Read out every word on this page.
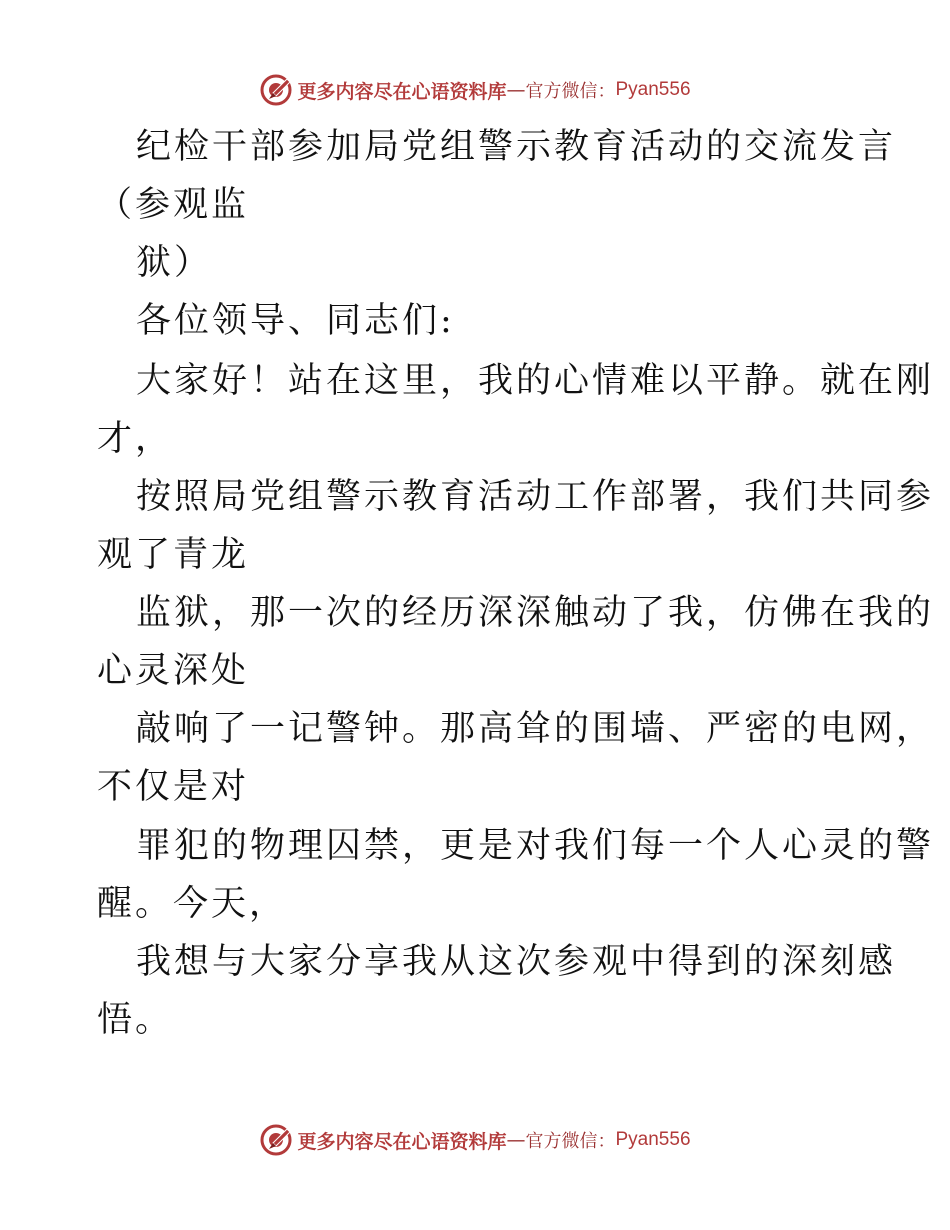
更多内容尽在心语资料库 — 官方微信： Pyan556
纪检干部参加局党组警示教育活动的交流发言
（参观监
狱）
各位领导、同志们:
大家好！站在这里，我的心情难以平静。就在刚
才，
按照局党组警示教育活动工作部署，我们共同参
观了青龙
监狱，那一次的经历深深触动了我，仿佛在我的
心灵深处
敲响了一记警钟。那高耸的围墙、严密的电网，
不仅是对
罪犯的物理囚禁，更是对我们每一个人心灵的警
醒。今天，
我想与大家分享我从这次参观中得到的深刻感
悟。
更多内容尽在心语资料库 — 官方微信： Pyan556
